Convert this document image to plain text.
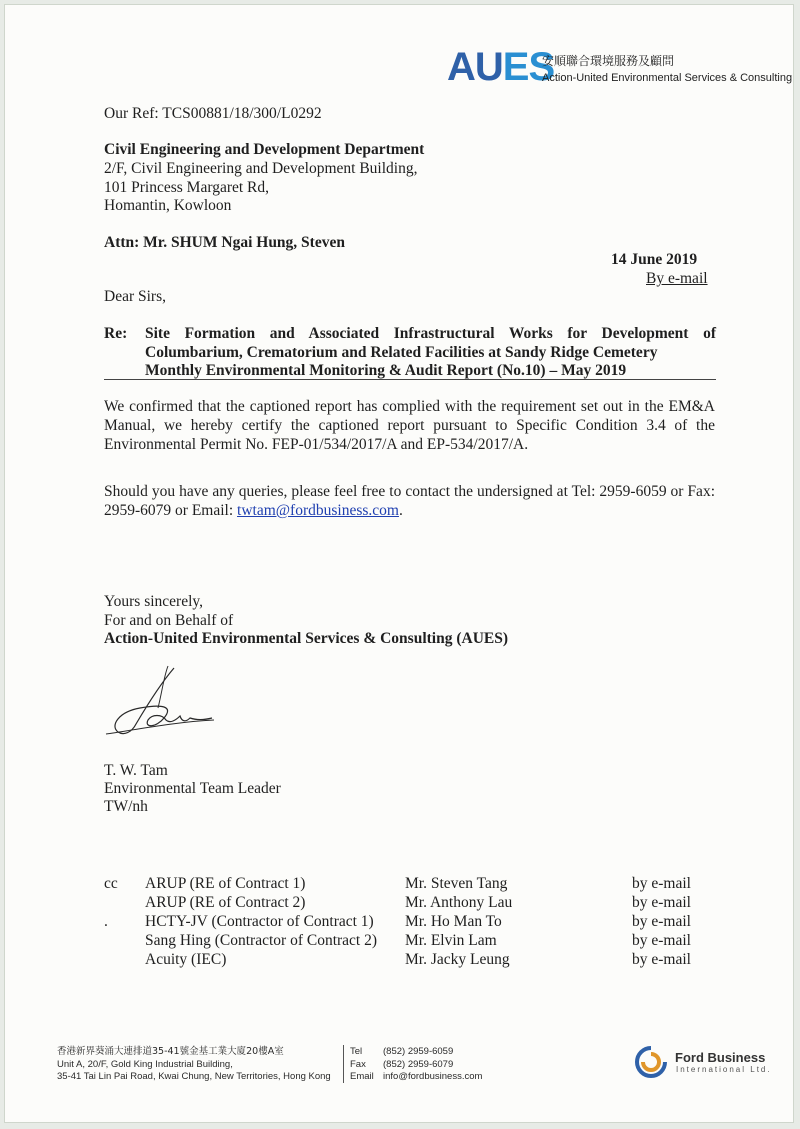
AUES
安順聯合環境服務及顧問
Action-United Environmental Services & Consulting
Our Ref: TCS00881/18/300/L0292
Civil Engineering and Development Department
2/F, Civil Engineering and Development Building,
101 Princess Margaret Rd,
Homantin, Kowloon
Attn: Mr. SHUM Ngai Hung, Steven
14 June 2019
By e-mail
Dear Sirs,
Re: Site Formation and Associated Infrastructural Works for Development of
Columbarium, Crematorium and Related Facilities at Sandy Ridge Cemetery
Monthly Environmental Monitoring & Audit Report (No.10) – May 2019
We confirmed that the captioned report has complied with the requirement set out in the EM&A Manual, we hereby certify the captioned report pursuant to Specific Condition 3.4 of the Environmental Permit No. FEP-01/534/2017/A and EP-534/2017/A.
Should you have any queries, please feel free to contact the undersigned at Tel: 2959-6059 or Fax: 2959-6079 or Email: twtam@fordbusiness.com.
Yours sincerely,
For and on Behalf of
Action-United Environmental Services & Consulting (AUES)
T. W. Tam
Environmental Team Leader
TW/nh
cc
.
ARUP (RE of Contract 1)	Mr. Steven Tang	by e-mail
ARUP (RE of Contract 2)	Mr. Anthony Lau	by e-mail
HCTY-JV (Contractor of Contract 1) Mr. Ho Man To	by e-mail
Sang Hing (Contractor of Contract 2) Mr. Elvin Lam	by e-mail
Acuity (IEC)	Mr. Jacky Leung	by e-mail
香港新界葵涌大連排道35-41號金基工業大廈20樓A室
Unit A, 20/F, Gold King Industrial Building,
35-41 Tai Lin Pai Road, Kwai Chung, New Territories, Hong Kong
Tel (852) 2959-6059
Fax (852) 2959-6079
Email info@fordbusiness.com
Ford Business
International Ltd.
